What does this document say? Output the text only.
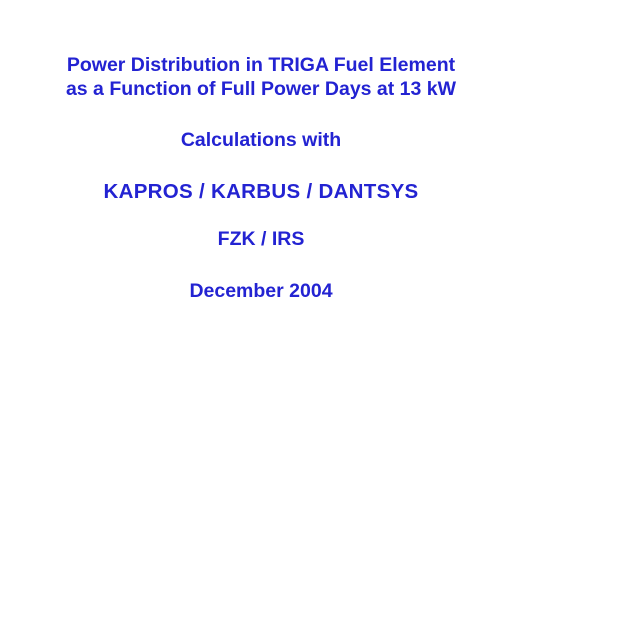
Power Distribution in TRIGA Fuel Element
as a Function of Full Power Days at 13 kW
Calculations with
KAPROS / KARBUS / DANTSYS
FZK / IRS
December 2004
